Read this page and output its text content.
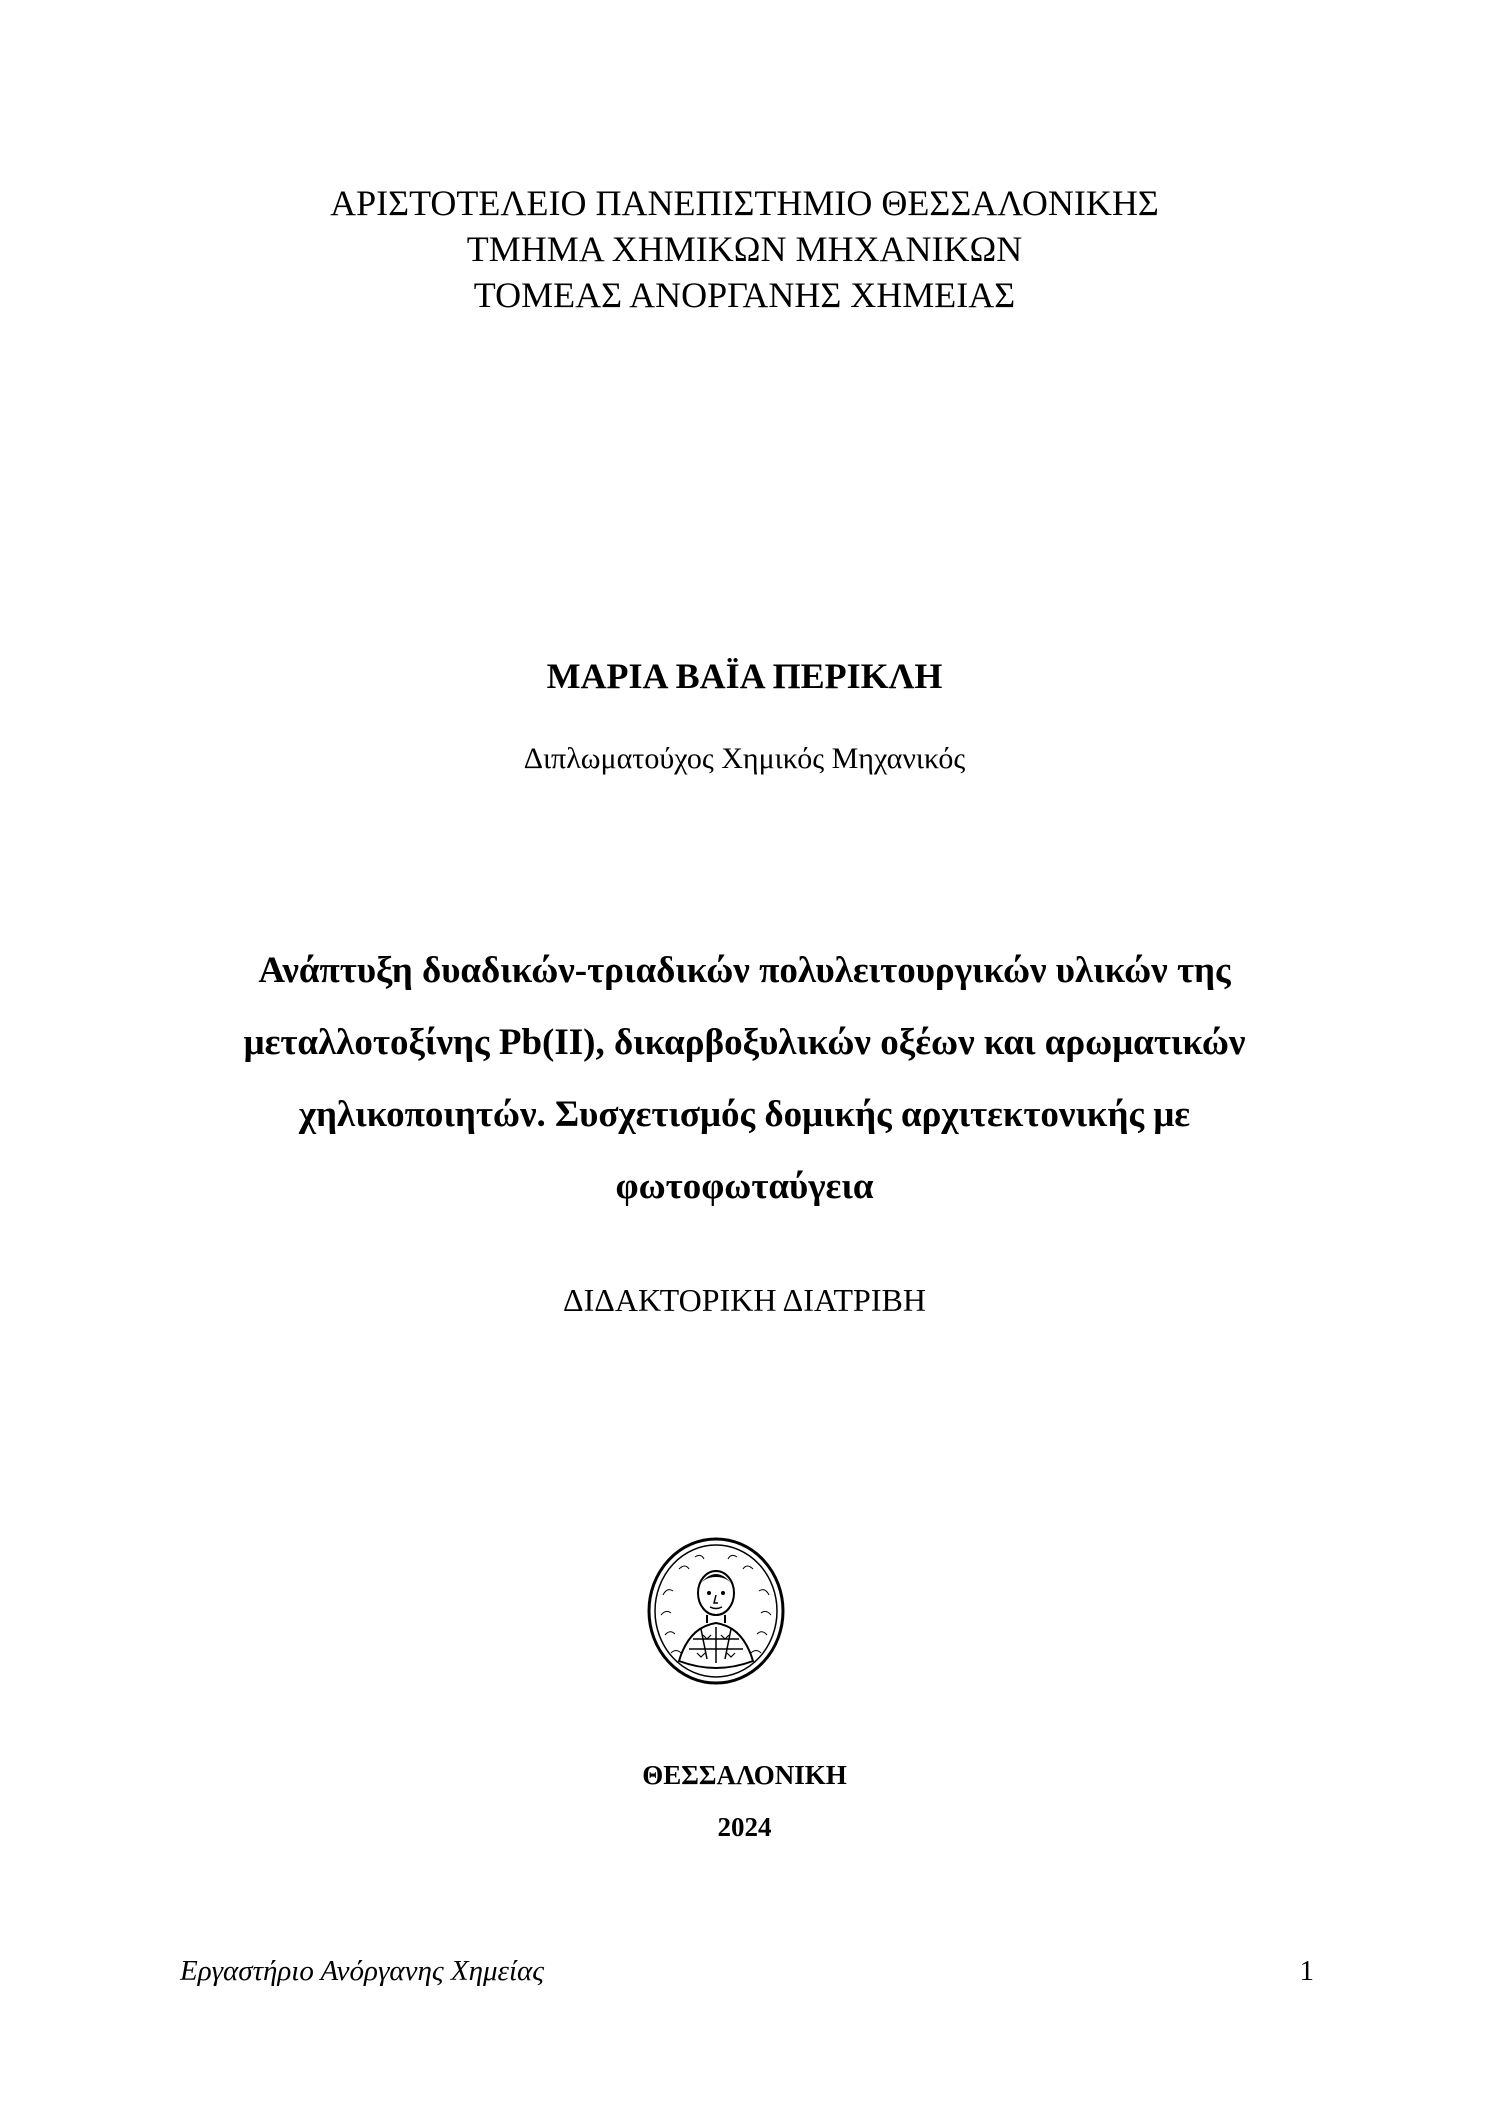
ΑΡΙΣΤΟΤΕΛΕΙΟ ΠΑΝΕΠΙΣΤΗΜΙΟ ΘΕΣΣΑΛΟΝΙΚΗΣ
ΤΜΗΜΑ ΧΗΜΙΚΩΝ ΜΗΧΑΝΙΚΩΝ
ΤΟΜΕΑΣ ΑΝΟΡΓΑΝΗΣ ΧΗΜΕΙΑΣ
ΜΑΡΙΑ ΒΑΪΑ ΠΕΡΙΚΛΗ
Διπλωματούχος Χημικός Μηχανικός
Ανάπτυξη δυαδικών-τριαδικών πολυλειτουργικών υλικών της
μεταλλοτοξίνης Pb(II), δικαρβοξυλικών οξέων και αρωματικών
χηλικοποιητών. Συσχετισμός δομικής αρχιτεκτονικής με
φωτοφωταύγεια
ΔΙΔΑΚΤΟΡΙΚΗ ΔΙΑΤΡΙΒΗ
ΘΕΣΣΑΛΟΝΙΚΗ
2024
Εργαστήριο Ανόργανης Χημείας	1
